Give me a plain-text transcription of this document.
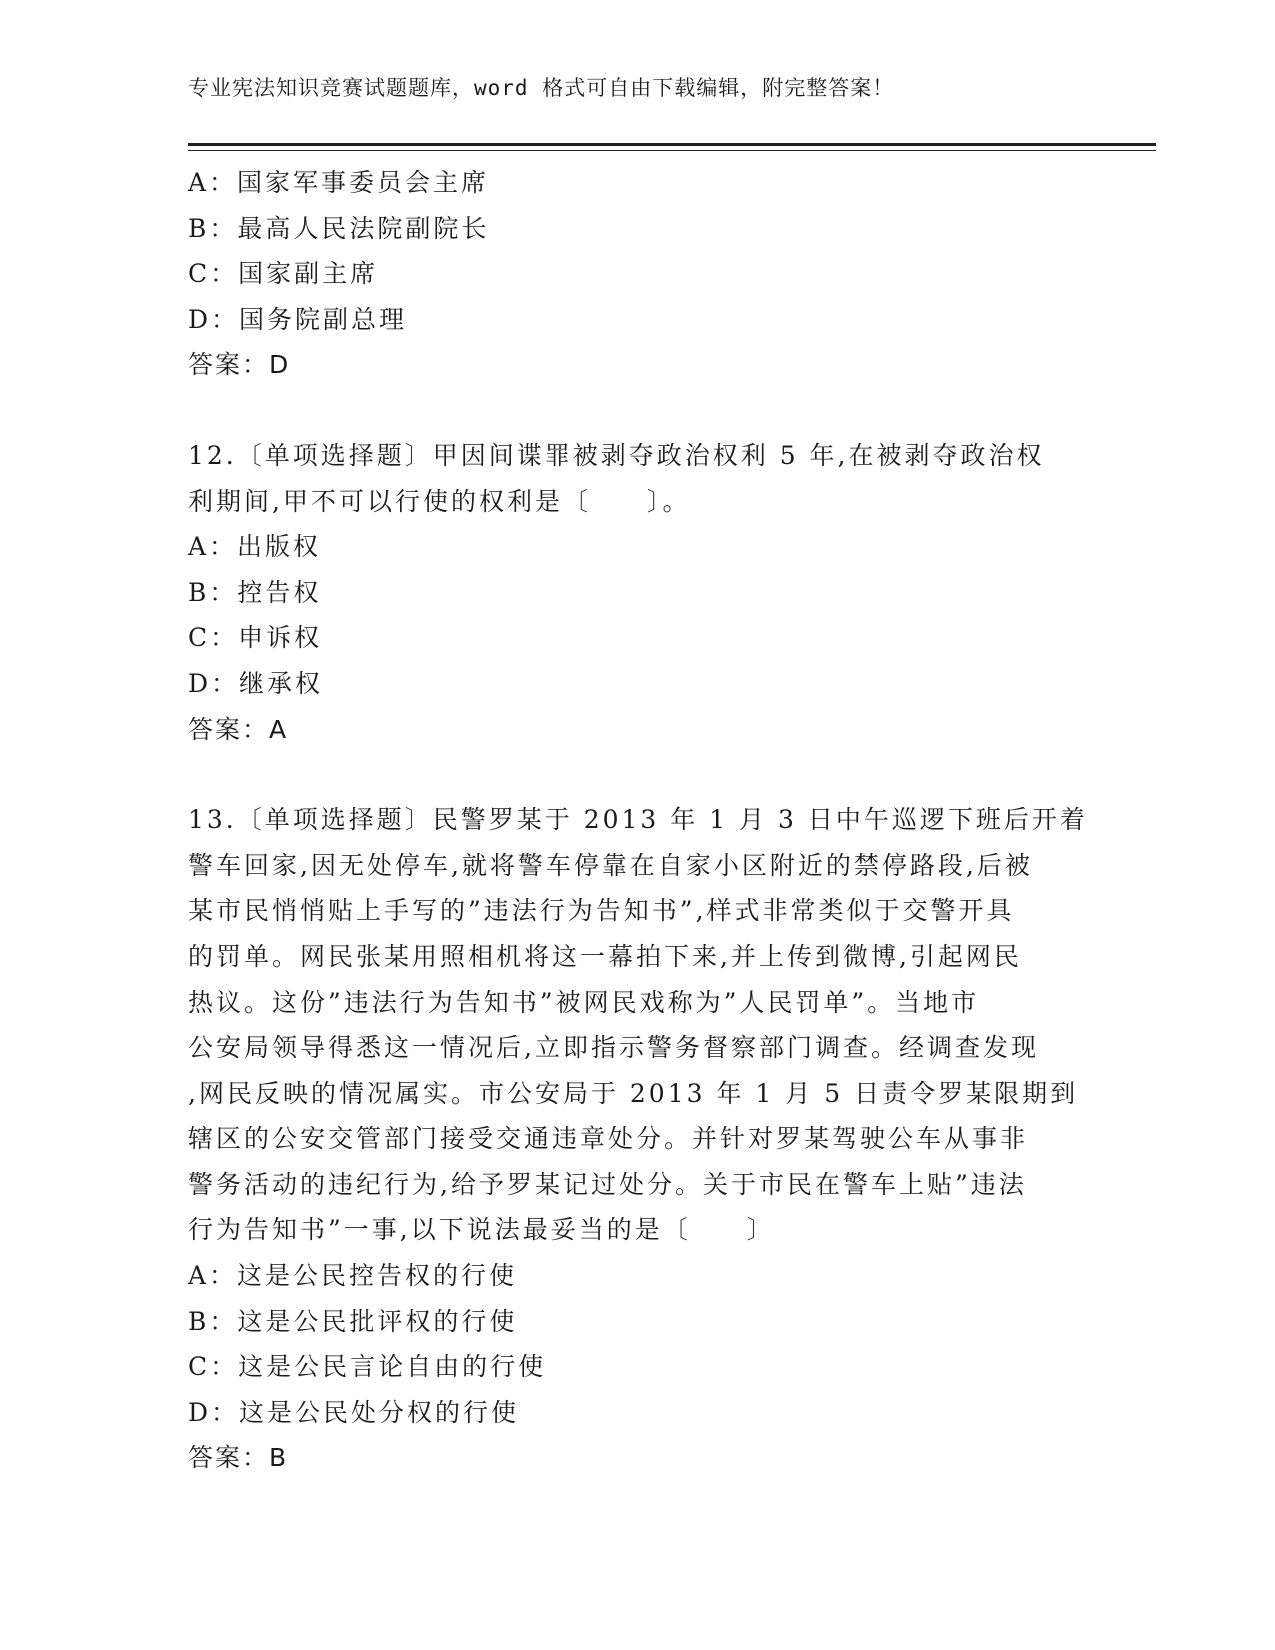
专业宪法知识竞赛试题题库，word 格式可自由下载编辑，附完整答案！
A：国家军事委员会主席
B：最高人民法院副院长
C：国家副主席
D：国务院副总理
答案：D
12.〔单项选择题〕甲因间谍罪被剥夺政治权利 5 年,在被剥夺政治权
利期间,甲不可以行使的权利是〔　　〕。
A：出版权
B：控告权
C：申诉权
D：继承权
答案：A
13.〔单项选择题〕民警罗某于 2013 年 1 月 3 日中午巡逻下班后开着
警车回家,因无处停车,就将警车停靠在自家小区附近的禁停路段,后被
某市民悄悄贴上手写的”违法行为告知书”,样式非常类似于交警开具
的罚单。网民张某用照相机将这一幕拍下来,并上传到微博,引起网民
热议。这份”违法行为告知书”被网民戏称为”人民罚单”。当地市
公安局领导得悉这一情况后,立即指示警务督察部门调查。经调查发现
,网民反映的情况属实。市公安局于 2013 年 1 月 5 日责令罗某限期到
辖区的公安交管部门接受交通违章处分。并针对罗某驾驶公车从事非
警务活动的违纪行为,给予罗某记过处分。关于市民在警车上贴”违法
行为告知书”一事,以下说法最妥当的是〔　　〕
A：这是公民控告权的行使
B：这是公民批评权的行使
C：这是公民言论自由的行使
D：这是公民处分权的行使
答案：B
